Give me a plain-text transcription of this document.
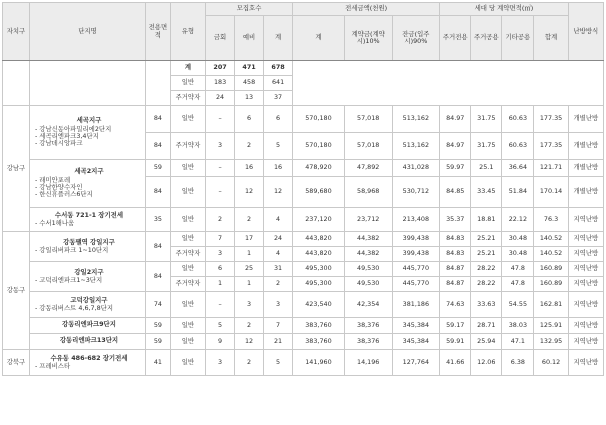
자치구	단지명	전용면적	유형	모집호수			전세금액(천원)			세대 당 계약면적(㎡)				난방방식
				금회	예비	계	계	계약금(계약시)10%	잔금(입주시)90%	주거전용	주거공용	기타공용	합계	
			계	207	471	678								
			일반	183	458	641								
			주거약자	24	13	37								
강남구	세곡지구
- 강남신동아파밀리에2단지
- 세곡리엔파크3,4단지
- 강남데시앙파크	84	일반	–	6	6	570,180	57,018	513,162	84.97	31.75	60.63	177.35	개별난방
		84	주거약자	3	2	5	570,180	57,018	513,162	84.97	31.75	60.63	177.35	개별난방

	세곡2지구
- 래미안포레
- 강남한양수자인
- 한신휴플러스6단지	59	일반	–	16	16	478,920	47,892	431,028	59.97	25.1	36.64	121.71	개별난방
		84	일반	–	12	12	589,680	58,968	530,712	84.85	33.45	51.84	170.14	개별난방

	수서동 721-1 장기전세
- 수서1해나움	35	일반	2	2	4	237,120	23,712	213,408	35.37	18.81	22.12	76.3	지역난방
강동구	강동팰역 강일지구
- 강일리버파크 1~10단지	84	일반	7	17	24	443,820	44,382	399,438	84.83	25.21	30.48	140.52	지역난방
			주거약자	3	1	4	443,820	44,382	399,438	84.83	25.21	30.48	140.52	지역난방

	강일2지구
- 고덕리엔파크1~3단지	84	일반	6	25	31	495,300	49,530	445,770	84.87	28.22	47.8	160.89	지역난방
			주거약자	1	1	2	495,300	49,530	445,770	84.87	28.22	47.8	160.89	지역난방

	고덕강일지구
- 강동리버스트 4,6,7,8단지	74	일반	–	3	3	423,540	42,354	381,186	74.63	33.63	54.55	162.81	지역난방

	강동리엔파크9단지	59	일반	5	2	7	383,760	38,376	345,384	59.17	28.71	38.03	125.91	지역난방

	강동리엔파크13단지	59	일반	9	12	21	383,760	38,376	345,384	59.91	25.94	47.1	132.95	지역난방
강북구	수유동 486-682 장기전세
- 프레비스타	41	일반	3	2	5	141,960	14,196	127,764	41.66	12.06	6.38	60.12	지역난방
